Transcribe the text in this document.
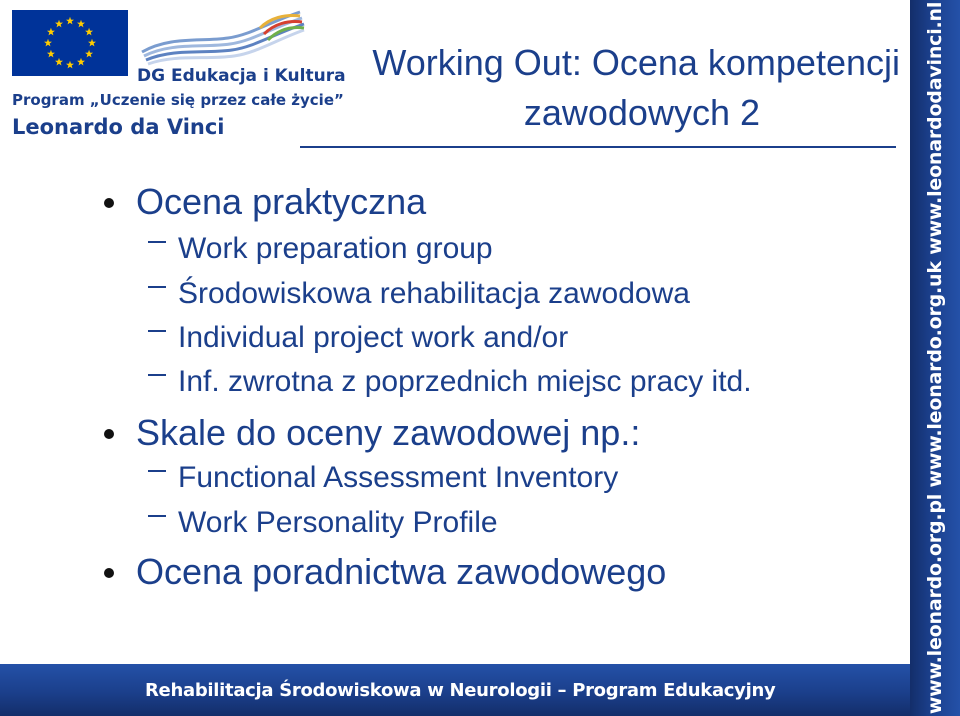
DG Edukacja i Kultura
Program „Uczenie się przez całe życie”
Leonardo da Vinci
Working Out: Ocena kompetencji
zawodowych 2
Ocena praktyczna
Work preparation group
Środowiskowa rehabilitacja zawodowa
Individual project work and/or
Inf. zwrotna z poprzednich miejsc pracy itd.
Skale do oceny zawodowej np.:
Functional Assessment Inventory
Work Personality Profile
Ocena poradnictwa zawodowego
Rehabilitacja Środowiskowa w Neurologii – Program Edukacyjny	www.leonardo.org.pl www.leonardo.org.uk www.leonardodavinci.nl
